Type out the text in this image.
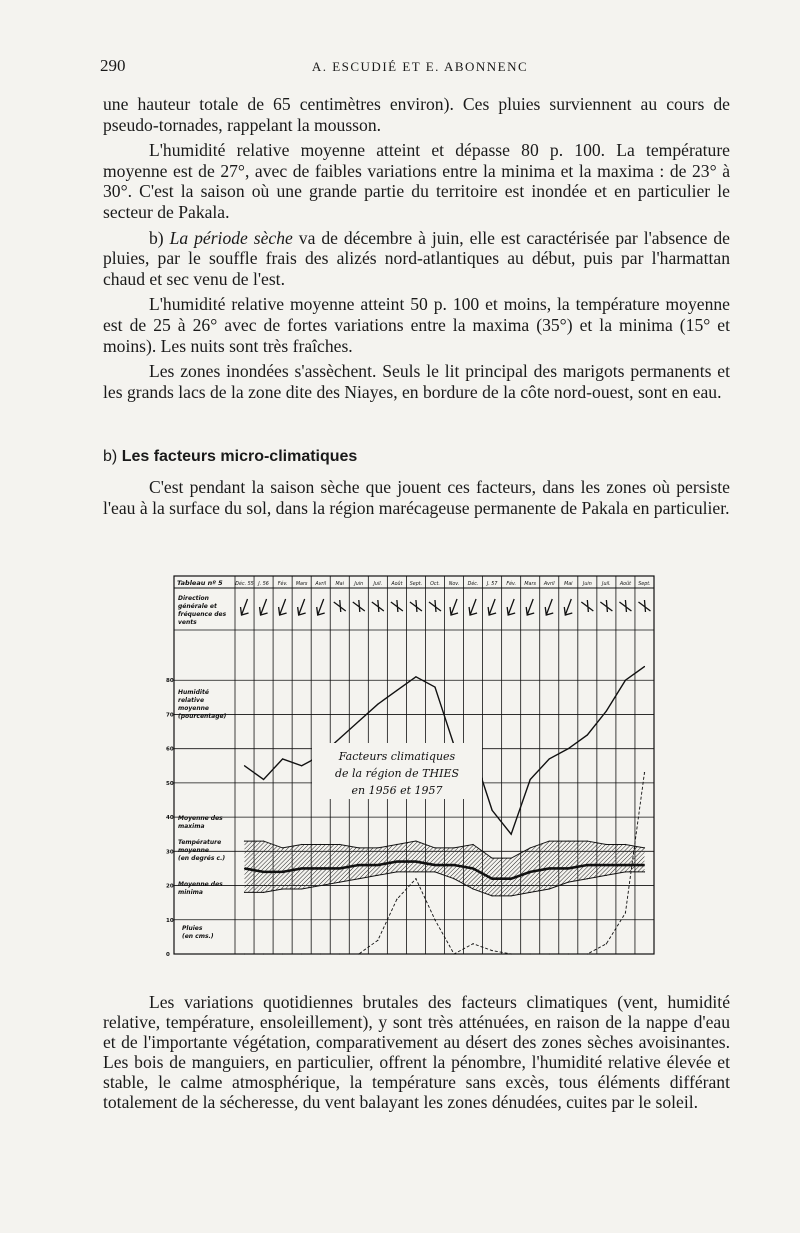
290	A. ESCUDIÉ ET E. ABONNENC

une hauteur totale de 65 centimètres environ). Ces pluies surviennent au cours de pseudo-tornades, rappelant la mousson.

L'humidité relative moyenne atteint et dépasse 80 p. 100. La température moyenne est de 27°, avec de faibles variations entre la minima et la maxima : de 23° à 30°. C'est la saison où une grande partie du territoire est inondée et en particulier le secteur de Pakala.

b) La période sèche va de décembre à juin, elle est caractérisée par l'absence de pluies, par le souffle frais des alizés nord-atlantiques au début, puis par l'harmattan chaud et sec venu de l'est.

L'humidité relative moyenne atteint 50 p. 100 et moins, la température moyenne est de 25 à 26° avec de fortes variations entre la maxima (35°) et la minima (15° et moins). Les nuits sont très fraîches.

Les zones inondées s'assèchent. Seuls le lit principal des marigots permanents et les grands lacs de la zone dite des Niayes, en bordure de la côte nord-ouest, sont en eau.

b) Les facteurs micro-climatiques

C'est pendant la saison sèche que jouent ces facteurs, dans les zones où persiste l'eau à la surface du sol, dans la région marécageuse permanente de Pakala en particulier.

80
70
60
50
40
30
20
10
0
Tableau nº 5	Déc. 55 J. 56 Fév. Mars Avril Mai Juin Juil. Août Sept. Oct. Nov. Déc. J. 57 Fév. Mars Avril Mai Juin Juil. Août Sept.
Direction
générale et
fréquence des
vents
Humidité
relative
moyenne
(pourcentage)
Moyenne des
maxima
Température
moyenne
(en degrés c.)
Moyenne des
minima
Pluies
(en cms.)
Facteurs climatiques
de la région de THIES
en 1956 et 1957

Les variations quotidiennes brutales des facteurs climatiques (vent, humidité relative, température, ensoleillement), y sont très atténuées, en raison de la nappe d'eau et de l'importante végétation, comparativement au désert des zones sèches avoisinantes. Les bois de manguiers, en particulier, offrent la pénombre, l'humidité relative élevée et stable, le calme atmosphérique, la température sans excès, tous éléments différant totalement de la sécheresse, du vent balayant les zones dénudées, cuites par le soleil.
